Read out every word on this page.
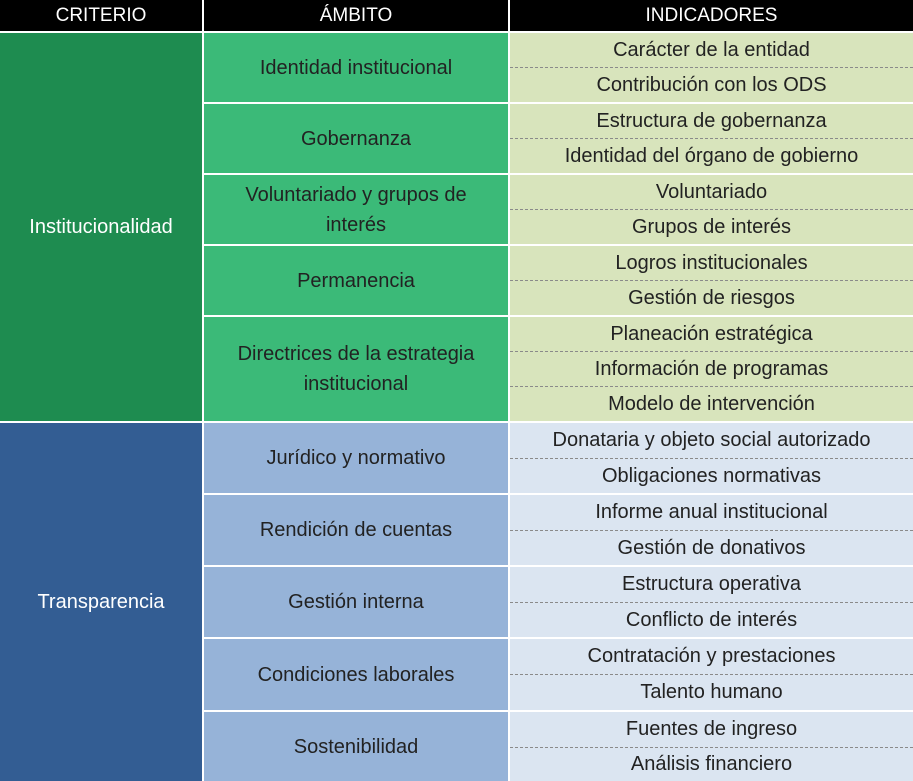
CRITERIO	ÁMBITO	INDICADORES
Institucionalidad
Identidad institucional
Gobernanza
Voluntariado y grupos de interés
Permanencia
Directrices de la estrategia institucional
Carácter de la entidad
Contribución con los ODS
Estructura de gobernanza
Identidad del órgano de gobierno
Voluntariado
Grupos de interés
Logros institucionales
Gestión de riesgos
Planeación estratégica
Información de programas
Modelo de intervención
Transparencia
Jurídico y normativo
Rendición de cuentas
Gestión interna
Condiciones laborales
Sostenibilidad
Donataria y objeto social autorizado
Obligaciones normativas
Informe anual institucional
Gestión de donativos
Estructura operativa
Conflicto de interés
Contratación y prestaciones
Talento humano
Fuentes de ingreso
Análisis financiero
